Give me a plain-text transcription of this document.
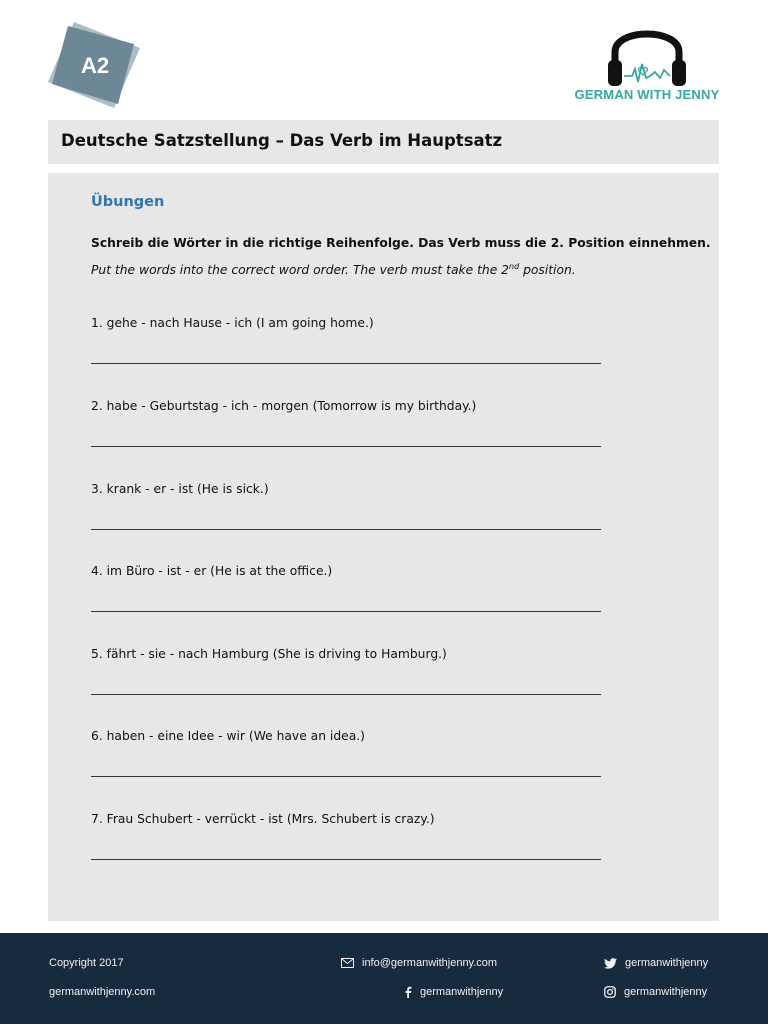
A2
GERMAN WITH JENNY
Deutsche Satzstellung – Das Verb im Hauptsatz
Übungen
Schreib die Wörter in die richtige Reihenfolge. Das Verb muss die 2. Position einnehmen.
Put the words into the correct word order. The verb must take the 2nd position.
1. gehe - nach Hause - ich (I am going home.)
2. habe - Geburtstag - ich - morgen (Tomorrow is my birthday.)
3. krank - er - ist (He is sick.)
4. im Büro - ist - er (He is at the office.)
5. fährt - sie - nach Hamburg (She is driving to Hamburg.)
6. haben - eine Idee - wir (We have an idea.)
7. Frau Schubert - verrückt - ist (Mrs. Schubert is crazy.)
Copyright 2017
germanwithjenny.com
info@germanwithjenny.com
germanwithjenny
germanwithjenny
germanwithjenny
